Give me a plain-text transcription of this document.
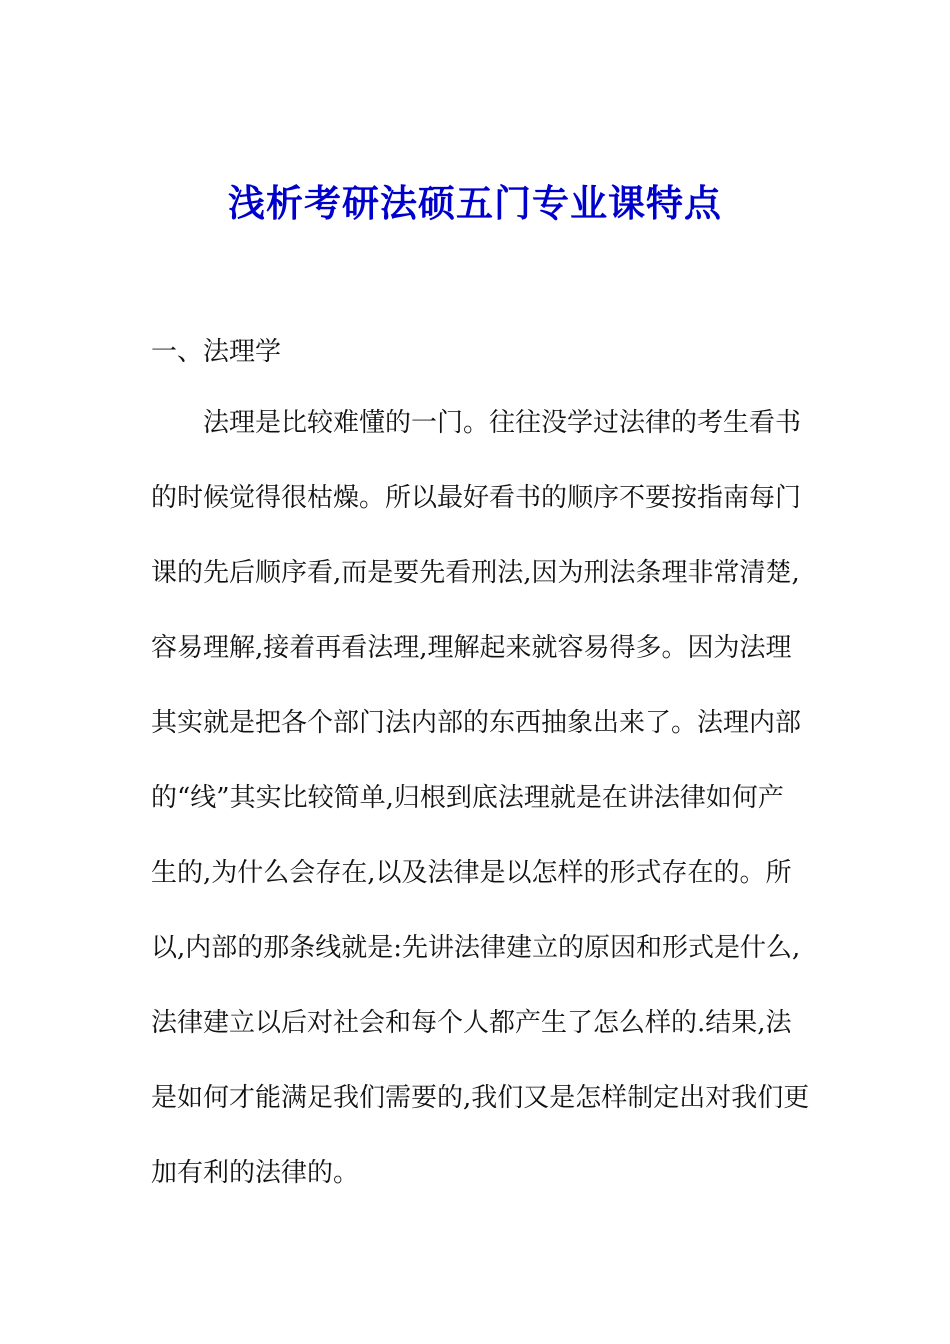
浅析考研法硕五门专业课特点
一、法理学
法理是比较难懂的一门。往往没学过法律的考生看书
的时候觉得很枯燥。所以最好看书的顺序不要按指南每门
课的先后顺序看,而是要先看刑法,因为刑法条理非常清楚,
容易理解,接着再看法理,理解起来就容易得多。因为法理
其实就是把各个部门法内部的东西抽象出来了。法理内部
的“线”其实比较简单,归根到底法理就是在讲法律如何产
生的,为什么会存在,以及法律是以怎样的形式存在的。所
以,内部的那条线就是:先讲法律建立的原因和形式是什么,
法律建立以后对社会和每个人都产生了怎么样的.结果,法
是如何才能满足我们需要的,我们又是怎样制定出对我们更
加有利的法律的。
